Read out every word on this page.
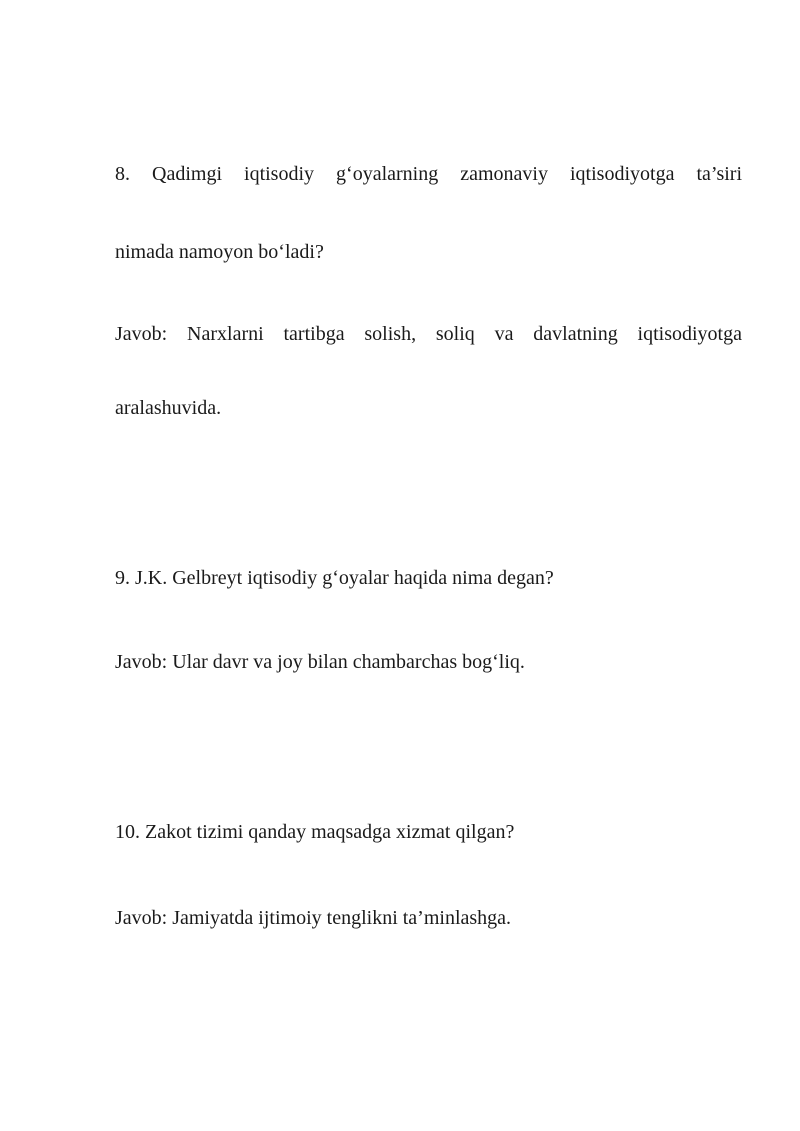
8. Qadimgi iqtisodiy g‘oyalarning zamonaviy iqtisodiyotga ta’siri
nimada namoyon bo‘ladi?
Javob: Narxlarni tartibga solish, soliq va davlatning iqtisodiyotga
aralashuvida.
9. J.K. Gelbreyt iqtisodiy g‘oyalar haqida nima degan?
Javob: Ular davr va joy bilan chambarchas bog‘liq.
10. Zakot tizimi qanday maqsadga xizmat qilgan?
Javob: Jamiyatda ijtimoiy tenglikni ta’minlashga.
